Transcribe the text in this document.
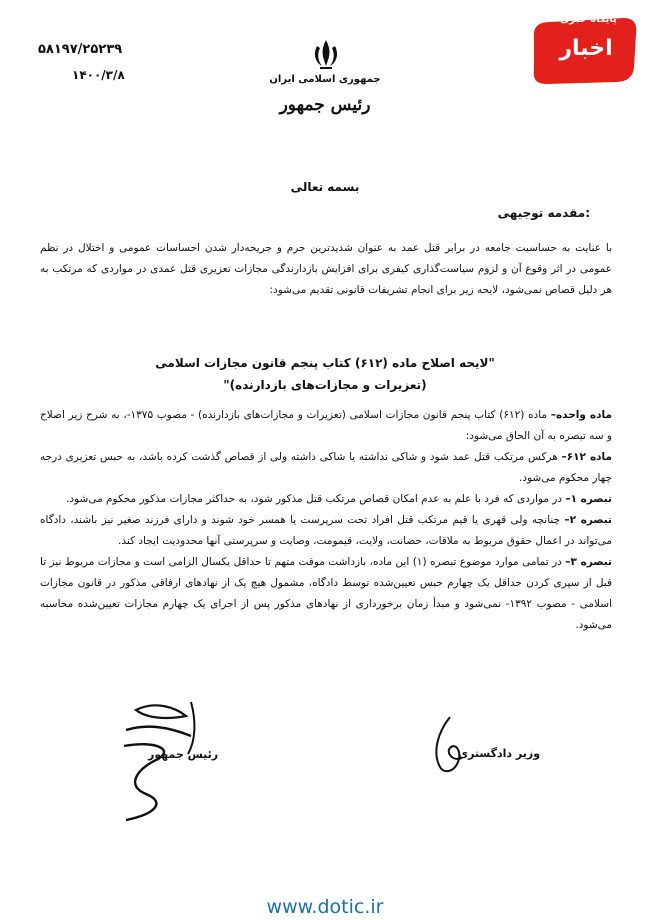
۵۸۱۹۷/۲۵۲۳۹
۱۴۰۰/۳/۸	جمهوری اسلامی ایران
رئیس جمهور
پایگاه خبری
اخبار
بسمه تعالی
مقدمه توجیهی:
با عنایت به حساسیت جامعه در برابر قتل عمد به عنوان شدیدترین جرم و جریحه‌دار شدن احساسات عمومی و اختلال در نظم عمومی در اثر وقوع آن و لزوم سیاست‌گذاری کیفری برای افزایش بازدارندگی مجازات تعزیری قتل عمدی در مواردی که مرتکب به هر دلیل قصاص نمی‌شود، لایحه زیر برای انجام تشریفات قانونی تقدیم می‌شود:
"لایحه اصلاح ماده (۶۱۲) کتاب پنجم قانون مجازات اسلامی
(تعزیرات و مجازات‌های بازدارنده)"

ماده واحده– ماده (۶۱۲) کتاب پنجم قانون مجازات اسلامی (تعزیرات و مجازات‌های بازدارنده) - مصوب ۱۳۷۵-، به شرح زیر اصلاح و سه تبصره به آن الحاق می‌شود:

ماده ۶۱۲– هرکس مرتکب قتل عمد شود و شاکی نداشته یا شاکی داشته ولی از قصاص گذشت کرده باشد، به حبس تعزیری درجه چهار محکوم می‌شود.

تبصره ۱– در مواردی که فرد با علم به عدم امکان قصاص مرتکب قتل مذکور شود، به حداکثر مجازات مذکور محکوم می‌شود.

تبصره ۲– چنانچه ولی قهری یا قیم مرتکب قتل افراد تحت سرپرست یا همسر خود شوند و دارای فرزند صغیر نیز باشند، دادگاه می‌تواند در اعمال حقوق مربوط به ملاقات، حضانت، ولایت، قیمومت، وصایت و سرپرستی آنها محدودیت ایجاد کند.

تبصره ۳– در تمامی موارد موضوع تبصره (۱) این ماده، بازداشت موقت متهم تا حداقل یکسال الزامی است و مجازات مربوط نیز تا قبل از سپری کردن حداقل یک چهارم حبس تعیین‌شده توسط دادگاه، مشمول هیچ یک از نهادهای ارفاقی مذکور در قانون مجازات اسلامی - مصوب ۱۳۹۲- نمی‌شود و مبدأ زمان برخورداری از نهادهای مذکور پس از اجرای یک چهارم مجازات تعیین‌شده محاسبه می‌شود.

وزیر دادگستری
رئیس جمهور
www.dotic.ir
